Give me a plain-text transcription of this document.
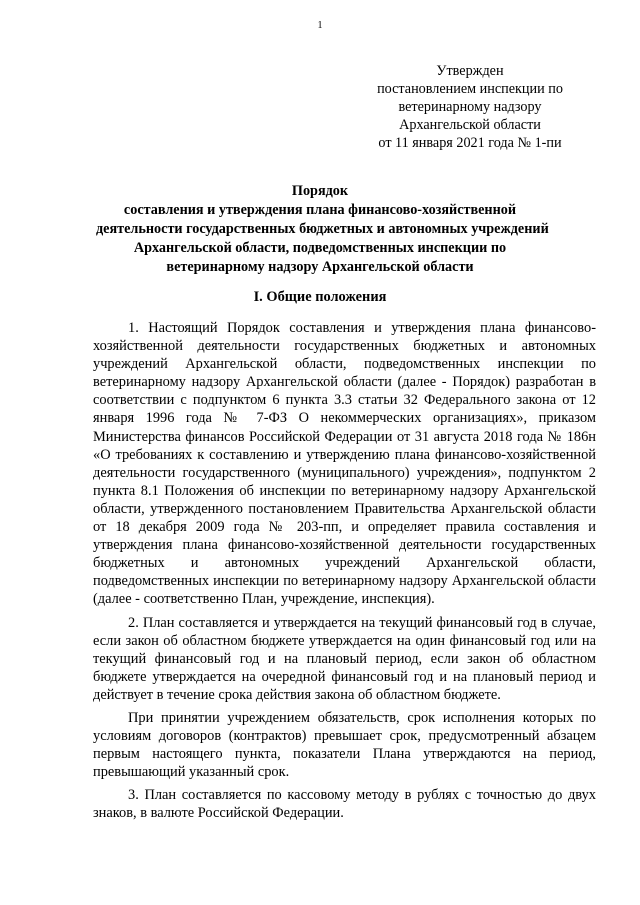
1
Утвержден
постановлением инспекции по
ветеринарному надзору
Архангельской области
от 11 января 2021 года № 1-пи
Порядок
составления и утверждения плана финансово-хозяйственной
деятельности государственных бюджетных и автономных учреждений
Архангельской области, подведомственных инспекции по
ветеринарному надзору Архангельской области
I. Общие положения

1. Настоящий Порядок составления и утверждения плана финансово-хозяйственной деятельности государственных бюджетных и автономных учреждений Архангельской области, подведомственных инспекции по ветеринарному надзору Архангельской области (далее - Порядок) разработан в соответствии с подпунктом 6 пункта 3.3 статьи 32 Федерального закона от 12 января 1996 года № 7-ФЗ О некоммерческих организациях», приказом Министерства финансов Российской Федерации от 31 августа 2018 года № 186н «О требованиях к составлению и утверждению плана финансово-хозяйственной деятельности государственного (муниципального) учреждения», подпунктом 2 пункта 8.1 Положения об инспекции по ветеринарному надзору Архангельской области, утвержденного постановлением Правительства Архангельской области от 18 декабря 2009 года № 203-пп, и определяет правила составления и утверждения плана финансово-хозяйственной деятельности государственных бюджетных и автономных учреждений Архангельской области, подведомственных инспекции по ветеринарному надзору Архангельской области (далее - соответственно План, учреждение, инспекция).

2. План составляется и утверждается на текущий финансовый год в случае, если закон об областном бюджете утверждается на один финансовый год или на текущий финансовый год и на плановый период, если закон об областном бюджете утверждается на очередной финансовый год и на плановый период и действует в течение срока действия закона об областном бюджете.

При принятии учреждением обязательств, срок исполнения которых по условиям договоров (контрактов) превышает срок, предусмотренный абзацем первым настоящего пункта, показатели Плана утверждаются на период, превышающий указанный срок.

3. План составляется по кассовому методу в рублях с точностью до двух знаков, в валюте Российской Федерации.
